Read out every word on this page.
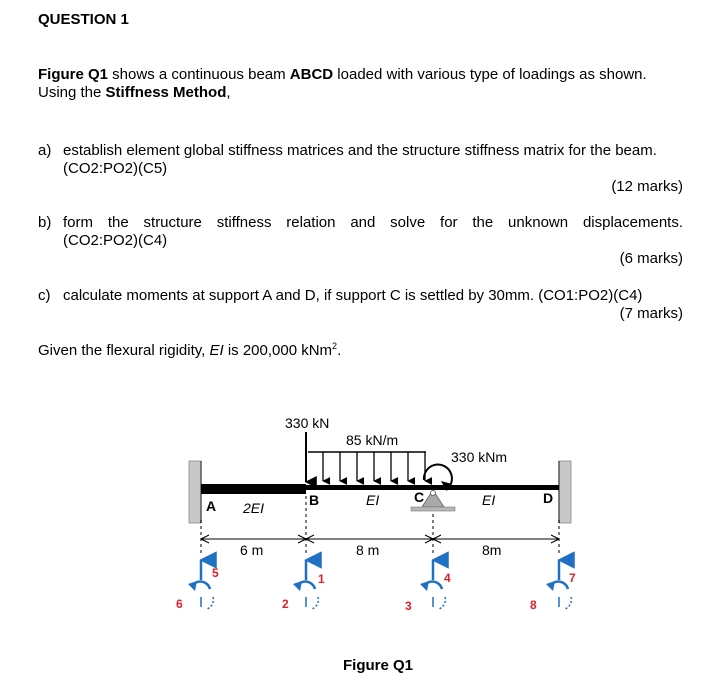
QUESTION 1
Figure Q1 shows a continuous beam ABCD loaded with various type of loadings as shown.
Using the Stiffness Method,
a) establish element global stiffness matrices and the structure stiffness matrix for the beam.
(CO2:PO2)(C5)
(12 marks)
b) form the structure stiffness relation and solve for the unknown displacements.
(CO2:PO2)(C4)
(6 marks)
c) calculate moments at support A and D, if support C is settled by 30mm. (CO1:PO2)(C4)
(7 marks)
Given the flexural rigidity, EI is 200,000 kNm$^2$.
330 kN
85 kN/m
330 kNm
A	B	C	D
2EI	EI	EI
6 m	8 m	8m
1
2	3
4
5
6
7
8
Figure Q1
